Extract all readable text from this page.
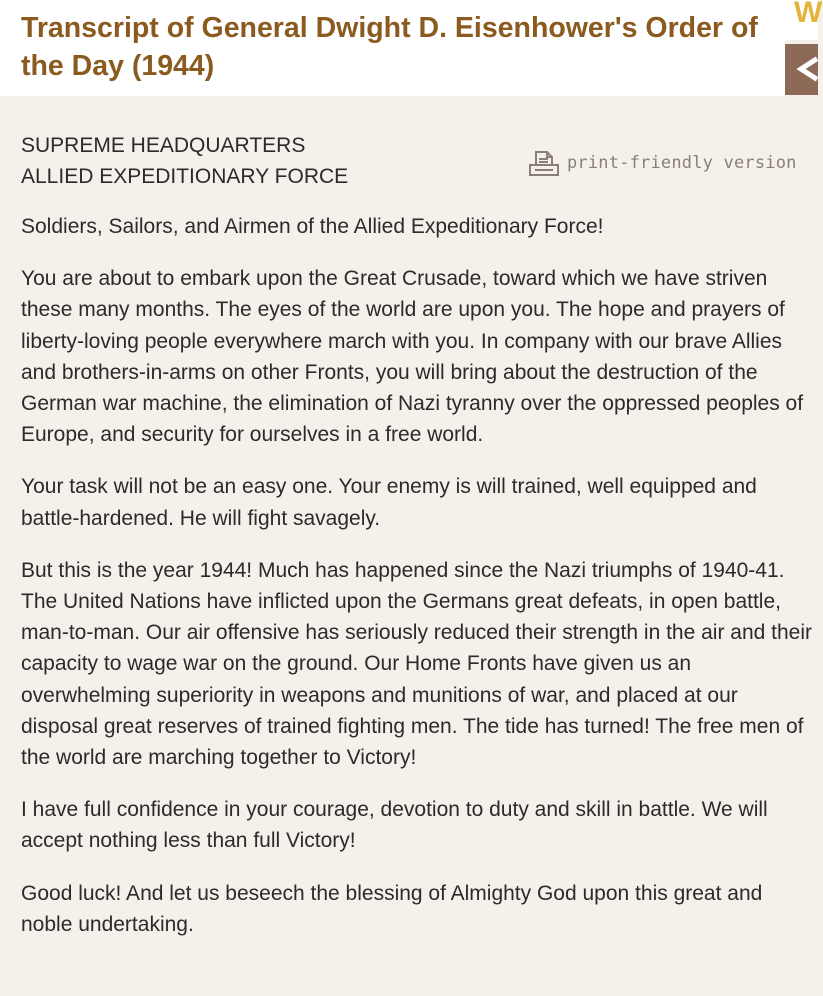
Transcript of General Dwight D. Eisenhower's Order of the Day (1944)
W
SUPREME HEADQUARTERS
ALLIED EXPEDITIONARY FORCE
print-friendly version

Soldiers, Sailors, and Airmen of the Allied Expeditionary Force!

You are about to embark upon the Great Crusade, toward which we have striven these many months. The eyes of the world are upon you. The hope and prayers of liberty-loving people everywhere march with you. In company with our brave Allies and brothers-in-arms on other Fronts, you will bring about the destruction of the German war machine, the elimination of Nazi tyranny over the oppressed peoples of Europe, and security for ourselves in a free world.

Your task will not be an easy one. Your enemy is will trained, well equipped and battle-hardened. He will fight savagely.

But this is the year 1944! Much has happened since the Nazi triumphs of 1940-41. The United Nations have inflicted upon the Germans great defeats, in open battle, man-to-man. Our air offensive has seriously reduced their strength in the air and their capacity to wage war on the ground. Our Home Fronts have given us an overwhelming superiority in weapons and munitions of war, and placed at our disposal great reserves of trained fighting men. The tide has turned! The free men of the world are marching together to Victory!

I have full confidence in your courage, devotion to duty and skill in battle. We will accept nothing less than full Victory!

Good luck! And let us beseech the blessing of Almighty God upon this great and noble undertaking.
